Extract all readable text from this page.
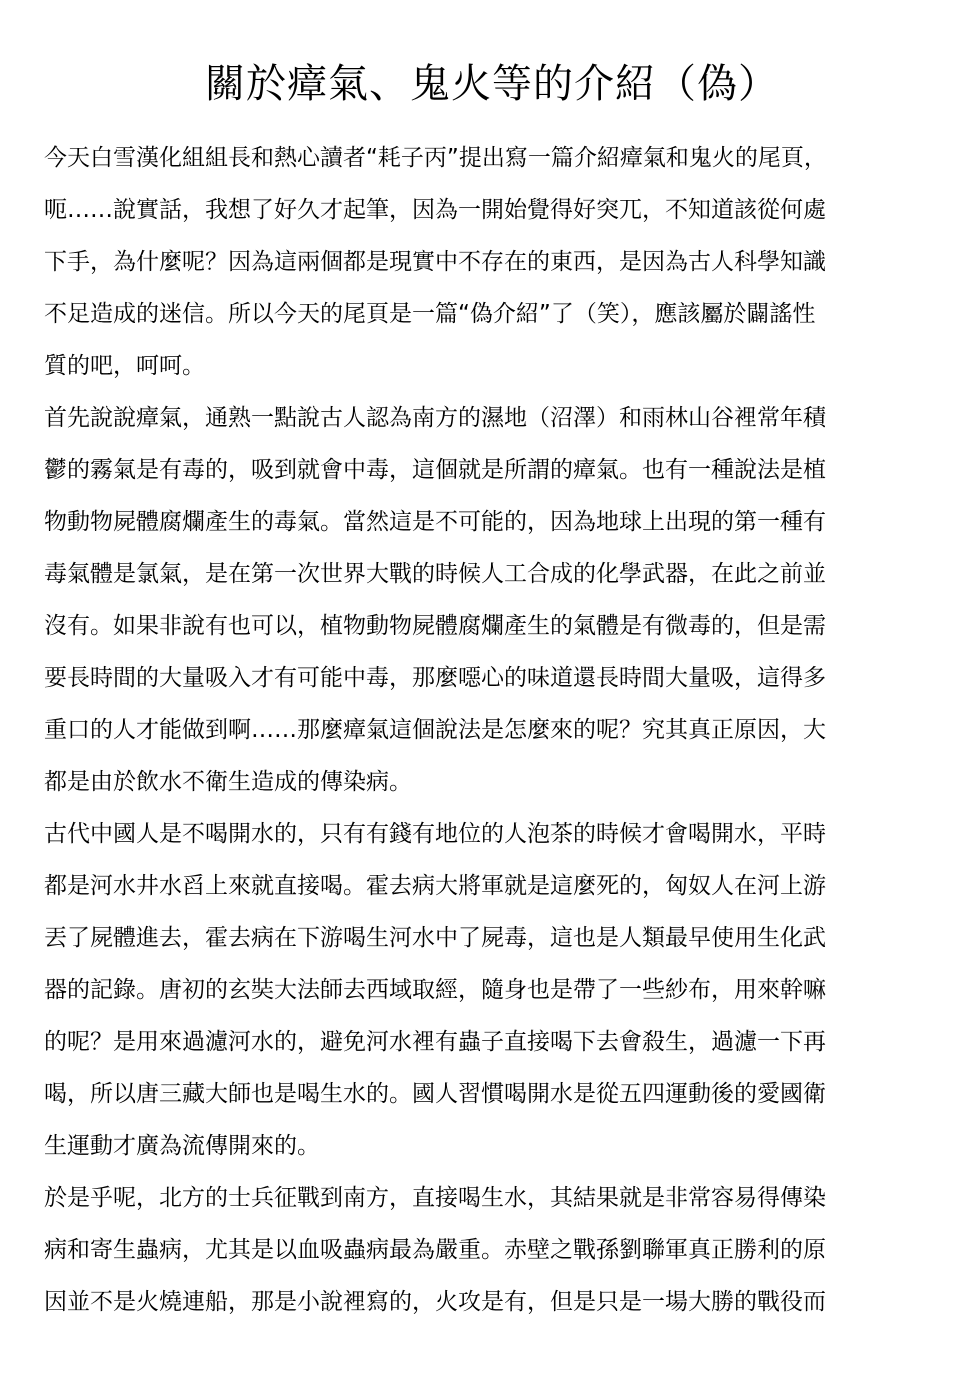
關於瘴氣、鬼火等的介紹（偽）
今天白雪漢化組組長和熱心讀者“耗子丙”提出寫一篇介紹瘴氣和鬼火的尾頁，
呃……說實話，我想了好久才起筆，因為一開始覺得好突兀，不知道該從何處
下手，為什麼呢？因為這兩個都是現實中不存在的東西，是因為古人科學知識
不足造成的迷信。所以今天的尾頁是一篇“偽介紹”了（笑），應該屬於闢謠性
質的吧，呵呵。
首先說說瘴氣，通熟一點說古人認為南方的濕地（沼澤）和雨林山谷裡常年積
鬱的霧氣是有毒的，吸到就會中毒，這個就是所謂的瘴氣。也有一種說法是植
物動物屍體腐爛產生的毒氣。當然這是不可能的，因為地球上出現的第一種有
毒氣體是氯氣，是在第一次世界大戰的時候人工合成的化學武器，在此之前並
沒有。如果非說有也可以，植物動物屍體腐爛產生的氣體是有微毒的，但是需
要長時間的大量吸入才有可能中毒，那麼噁心的味道還長時間大量吸，這得多
重口的人才能做到啊……那麼瘴氣這個說法是怎麼來的呢？究其真正原因，大
都是由於飲水不衛生造成的傳染病。
古代中國人是不喝開水的，只有有錢有地位的人泡茶的時候才會喝開水，平時
都是河水井水舀上來就直接喝。霍去病大將軍就是這麼死的，匈奴人在河上游
丟了屍體進去，霍去病在下游喝生河水中了屍毒，這也是人類最早使用生化武
器的記錄。唐初的玄奘大法師去西域取經，隨身也是帶了一些紗布，用來幹嘛
的呢？是用來過濾河水的，避免河水裡有蟲子直接喝下去會殺生，過濾一下再
喝，所以唐三藏大師也是喝生水的。國人習慣喝開水是從五四運動後的愛國衛
生運動才廣為流傳開來的。
於是乎呢，北方的士兵征戰到南方，直接喝生水，其結果就是非常容易得傳染
病和寄生蟲病，尤其是以血吸蟲病最為嚴重。赤壁之戰孫劉聯軍真正勝利的原
因並不是火燒連船，那是小說裡寫的，火攻是有，但是只是一場大勝的戰役而
